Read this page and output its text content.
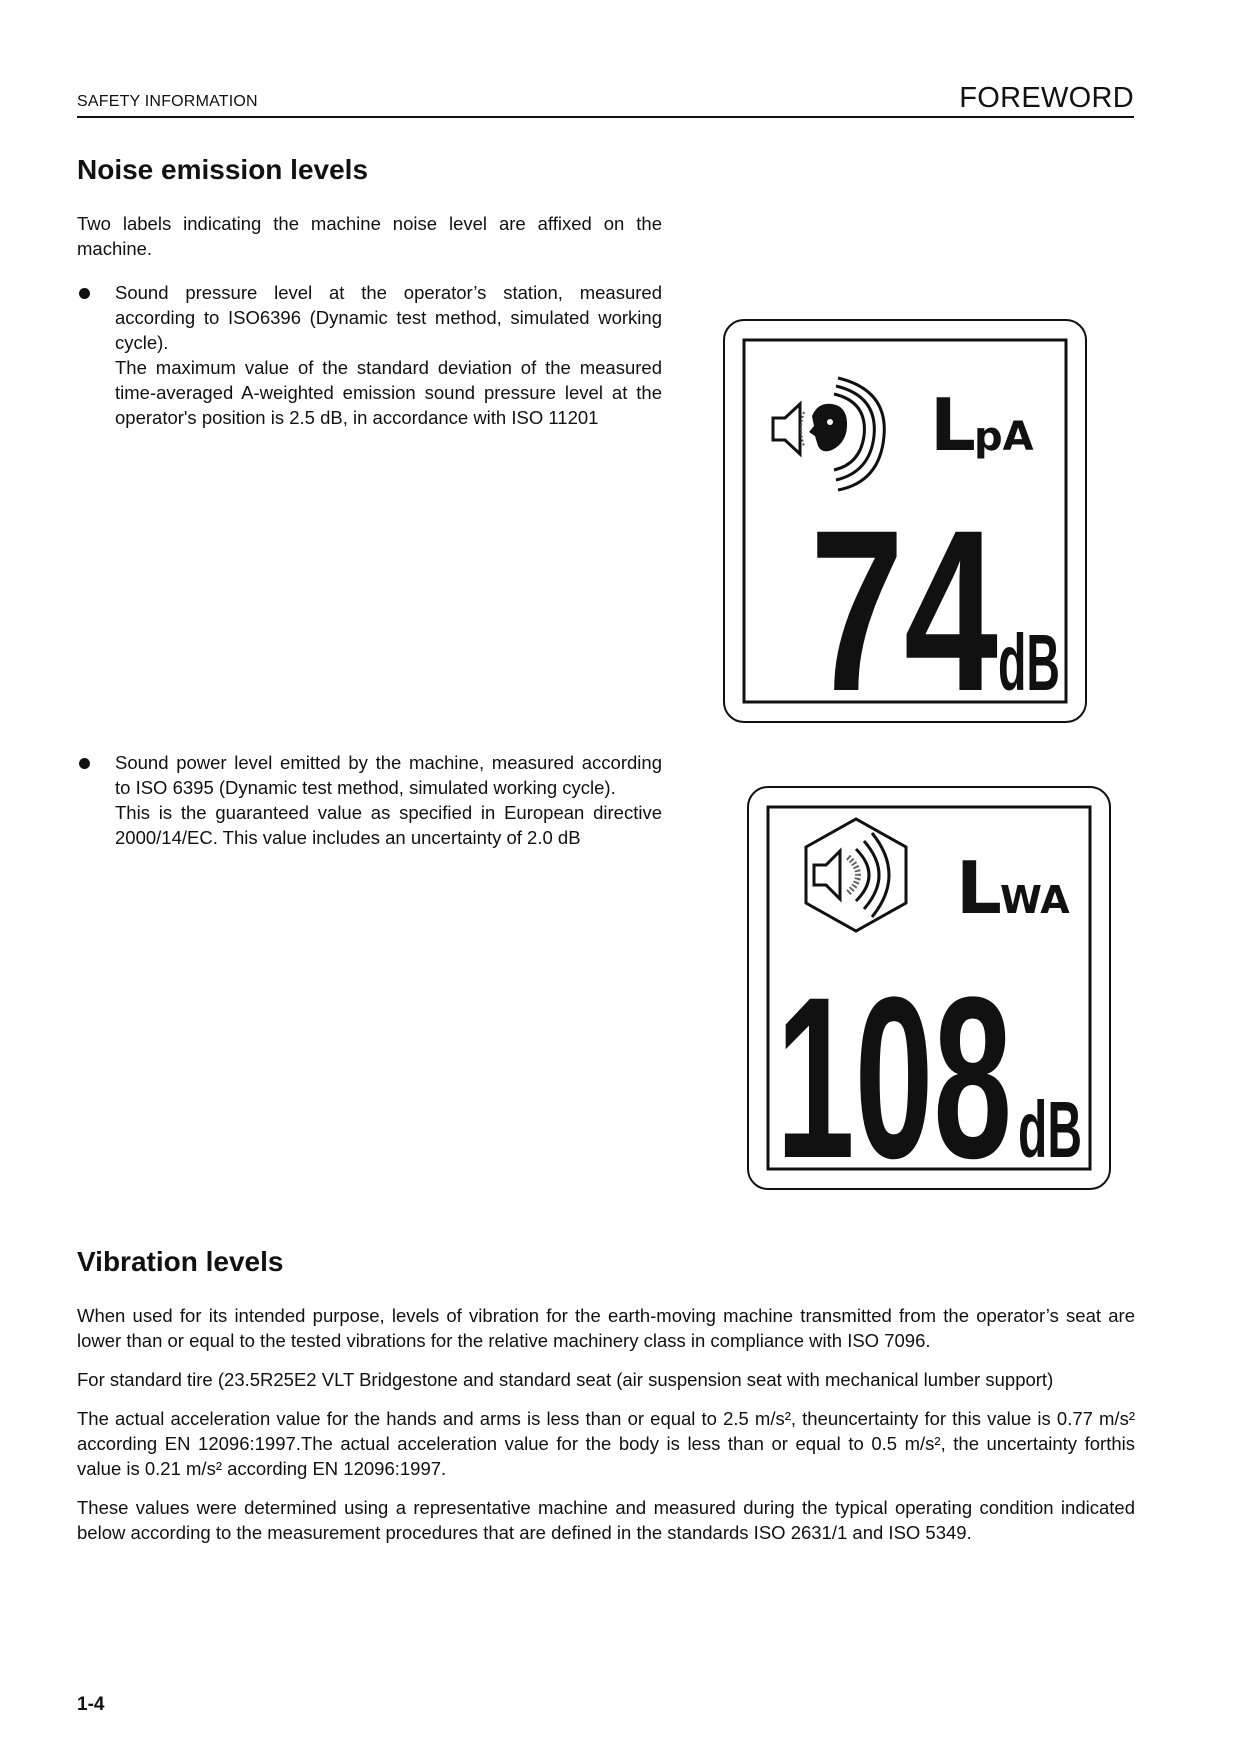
SAFETY INFORMATION	FOREWORD
Noise emission levels

Two labels indicating the machine noise level are affixed on the machine.

Sound pressure level at the operator’s station, measured according to ISO6396 (Dynamic test method, simulated working cycle).

The maximum value of the standard deviation of the measured time-averaged A-weighted emission sound pressure level at the operator's position is 2.5 dB, in accordance with ISO 11201

Sound power level emitted by the machine, measured according to ISO 6395 (Dynamic test method, simulated working cycle).

This is the guaranteed value as specified in European directive 2000/14/EC. This value includes an uncertainty of 2.0 dB

L
pA
74 dB
L
WA
108 dB
Vibration levels

When used for its intended purpose, levels of vibration for the earth-moving machine transmitted from the operator’s seat are lower than or equal to the tested vibrations for the relative machinery class in compliance with ISO 7096.

For standard tire (23.5R25E2 VLT Bridgestone and standard seat (air suspension seat with mechanical lumber support)

The actual acceleration value for the hands and arms is less than or equal to 2.5 m/s², theuncertainty for this value is 0.77 m/s² according EN 12096:1997.The actual acceleration value for the body is less than or equal to 0.5 m/s², the uncertainty forthis value is 0.21 m/s² according EN 12096:1997.

These values were determined using a representative machine and measured during the typical operating condition indicated below according to the measurement procedures that are defined in the standards ISO 2631/1 and ISO 5349.

1-4
